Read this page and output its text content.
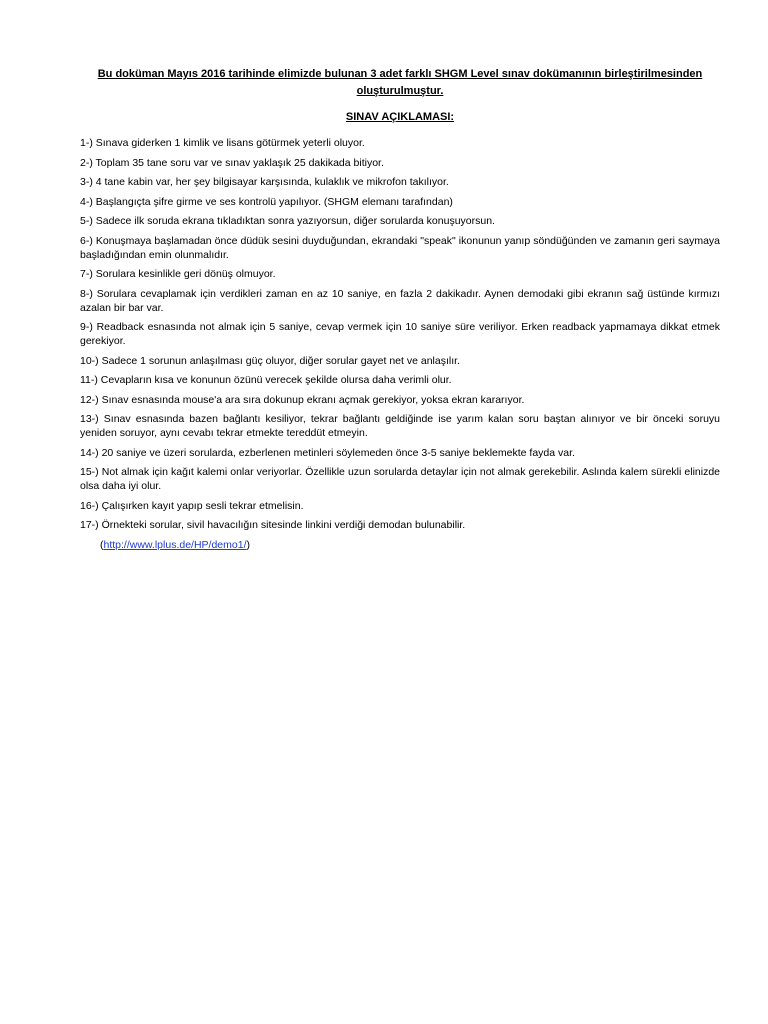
Bu doküman Mayıs 2016 tarihinde elimizde bulunan 3 adet farklı SHGM Level sınav dokümanının birleştirilmesinden oluşturulmuştur.

SINAV AÇIKLAMASI:

1-) Sınava giderken 1 kimlik ve lisans götürmek yeterli oluyor.
2-) Toplam 35 tane soru var ve sınav yaklaşık 25 dakikada bitiyor.
3-) 4 tane kabin var, her şey bilgisayar karşısında, kulaklık ve mikrofon takılıyor.
4-) Başlangıçta şifre girme ve ses kontrolü yapılıyor. (SHGM elemanı tarafından)
5-) Sadece ilk soruda ekrana tıkladıktan sonra yazıyorsun, diğer sorularda konuşuyorsun.
6-) Konuşmaya başlamadan önce düdük sesini duyduğundan, ekrandaki "speak" ikonunun yanıp söndüğünden ve zamanın geri saymaya başladığından emin olunmalıdır.
7-) Sorulara kesinlikle geri dönüş olmuyor.
8-) Sorulara cevaplamak için verdikleri zaman en az 10 saniye, en fazla 2 dakikadır. Aynen demodaki gibi ekranın sağ üstünde kırmızı azalan bir bar var.
9-) Readback esnasında not almak için 5 saniye, cevap vermek için 10 saniye süre veriliyor. Erken readback yapmamaya dikkat etmek gerekiyor.
10-) Sadece 1 sorunun anlaşılması güç oluyor, diğer sorular gayet net ve anlaşılır.
11-) Cevapların kısa ve konunun özünü verecek şekilde olursa daha verimli olur.
12-) Sınav esnasında mouse'a ara sıra dokunup ekranı açmak gerekiyor, yoksa ekran kararıyor.
13-) Sınav esnasında bazen bağlantı kesiliyor, tekrar bağlantı geldiğinde ise yarım kalan soru baştan alınıyor ve bir önceki soruyu yeniden soruyor, aynı cevabı tekrar etmekte tereddüt etmeyin.
14-) 20 saniye ve üzeri sorularda, ezberlenen metinleri söylemeden önce 3-5 saniye beklemekte fayda var.
15-) Not almak için kağıt kalemi onlar veriyorlar. Özellikle uzun sorularda detaylar için not almak gerekebilir. Aslında kalem sürekli elinizde olsa daha iyi olur.
16-) Çalışırken kayıt yapıp sesli tekrar etmelisin.
17-) Örnekteki sorular, sivil havacılığın sitesinde linkini verdiği demodan bulunabilir.

(http://www.lplus.de/HP/demo1/)
